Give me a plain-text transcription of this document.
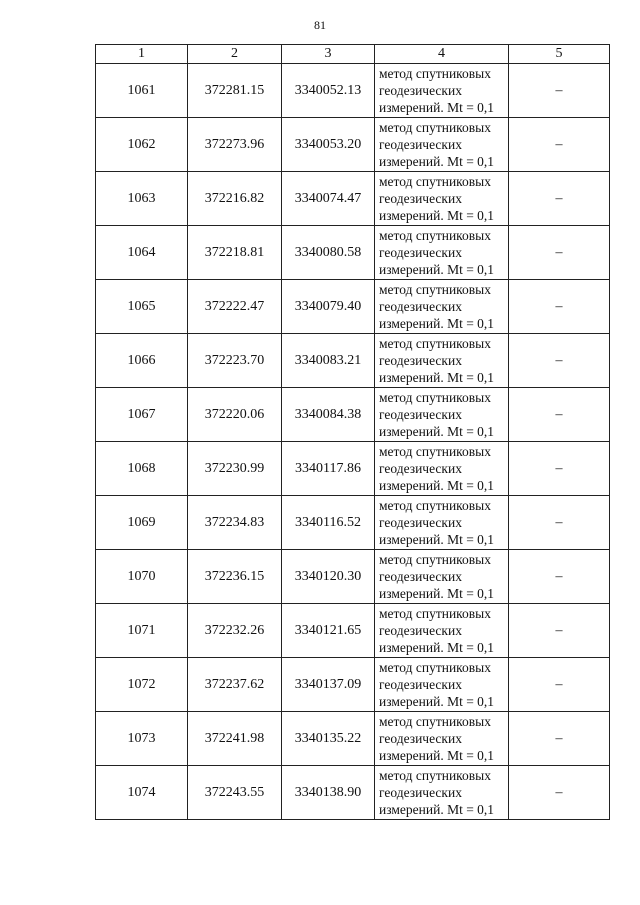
81
1	2	3	4	5
1061	372281.15	3340052.13	метод спутниковых
геодезических
измерений. Mt = 0,1	–
1062	372273.96	3340053.20	метод спутниковых
геодезических
измерений. Mt = 0,1	–
1063	372216.82	3340074.47	метод спутниковых
геодезических
измерений. Mt = 0,1	–
1064	372218.81	3340080.58	метод спутниковых
геодезических
измерений. Mt = 0,1	–
1065	372222.47	3340079.40	метод спутниковых
геодезических
измерений. Mt = 0,1	–
1066	372223.70	3340083.21	метод спутниковых
геодезических
измерений. Mt = 0,1	–
1067	372220.06	3340084.38	метод спутниковых
геодезических
измерений. Mt = 0,1	–
1068	372230.99	3340117.86	метод спутниковых
геодезических
измерений. Mt = 0,1	–
1069	372234.83	3340116.52	метод спутниковых
геодезических
измерений. Mt = 0,1	–
1070	372236.15	3340120.30	метод спутниковых
геодезических
измерений. Mt = 0,1	–
1071	372232.26	3340121.65	метод спутниковых
геодезических
измерений. Mt = 0,1	–
1072	372237.62	3340137.09	метод спутниковых
геодезических
измерений. Mt = 0,1	–
1073	372241.98	3340135.22	метод спутниковых
геодезических
измерений. Mt = 0,1	–
1074	372243.55	3340138.90	метод спутниковых
геодезических
измерений. Mt = 0,1	–
